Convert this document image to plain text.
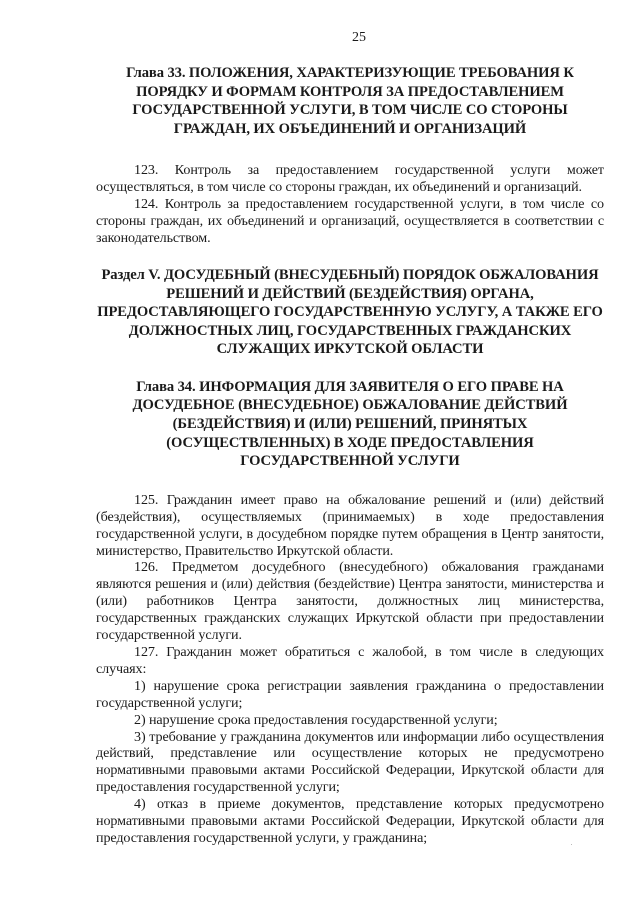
25
Глава 33. ПОЛОЖЕНИЯ, ХАРАКТЕРИЗУЮЩИЕ ТРЕБОВАНИЯ К ПОРЯДКУ И ФОРМАМ КОНТРОЛЯ ЗА ПРЕДОСТАВЛЕНИЕМ ГОСУДАРСТВЕННОЙ УСЛУГИ, В ТОМ ЧИСЛЕ СО СТОРОНЫ ГРАЖДАН, ИХ ОБЪЕДИНЕНИЙ И ОРГАНИЗАЦИЙ

123. Контроль за предоставлением государственной услуги может осуществляться, в том числе со стороны граждан, их объединений и организаций.

124. Контроль за предоставлением государственной услуги, в том числе со стороны граждан, их объединений и организаций, осуществляется в соответствии с законодательством.

Раздел V. ДОСУДЕБНЫЙ (ВНЕСУДЕБНЫЙ) ПОРЯДОК ОБЖАЛОВАНИЯ РЕШЕНИЙ И ДЕЙСТВИЙ (БЕЗДЕЙСТВИЯ) ОРГАНА, ПРЕДОСТАВЛЯЮЩЕГО ГОСУДАРСТВЕННУЮ УСЛУГУ, А ТАКЖЕ ЕГО ДОЛЖНОСТНЫХ ЛИЦ, ГОСУДАРСТВЕННЫХ ГРАЖДАНСКИХ СЛУЖАЩИХ ИРКУТСКОЙ ОБЛАСТИ
Глава 34. ИНФОРМАЦИЯ ДЛЯ ЗАЯВИТЕЛЯ О ЕГО ПРАВЕ НА ДОСУДЕБНОЕ (ВНЕСУДЕБНОЕ) ОБЖАЛОВАНИЕ ДЕЙСТВИЙ (БЕЗДЕЙСТВИЯ) И (ИЛИ) РЕШЕНИЙ, ПРИНЯТЫХ (ОСУЩЕСТВЛЕННЫХ) В ХОДЕ ПРЕДОСТАВЛЕНИЯ ГОСУДАРСТВЕННОЙ УСЛУГИ

125. Гражданин имеет право на обжалование решений и (или) действий (бездействия), осуществляемых (принимаемых) в ходе предоставления государственной услуги, в досудебном порядке путем обращения в Центр занятости, министерство, Правительство Иркутской области.

126. Предметом досудебного (внесудебного) обжалования гражданами являются решения и (или) действия (бездействие) Центра занятости, министерства и (или) работников Центра занятости, должностных лиц министерства, государственных гражданских служащих Иркутской области при предоставлении государственной услуги.

127. Гражданин может обратиться с жалобой, в том числе в следующих случаях:

1) нарушение срока регистрации заявления гражданина о предоставлении государственной услуги;

2) нарушение срока предоставления государственной услуги;

3) требование у гражданина документов или информации либо осуществления действий, представление или осуществление которых не предусмотрено нормативными правовыми актами Российской Федерации, Иркутской области для предоставления государственной услуги;

4) отказ в приеме документов, представление которых предусмотрено нормативными правовыми актами Российской Федерации, Иркутской области для предоставления государственной услуги, у гражданина;
